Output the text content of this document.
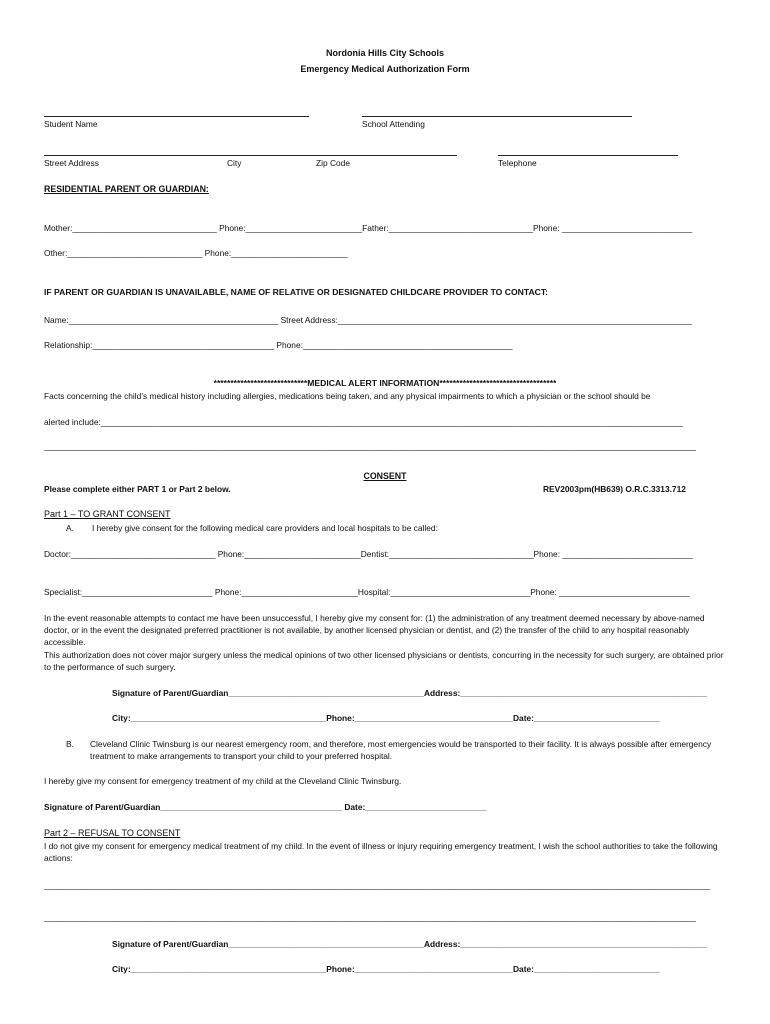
Nordonia Hills City Schools
Emergency Medical Authorization Form
Student Name	School Attending
Street Address	City	Zip Code	Telephone
RESIDENTIAL PARENT OR GUARDIAN:
Mother:_______________________________ Phone:_________________________Father:_______________________________Phone: ____________________________
Other:_____________________________ Phone:_________________________
IF PARENT OR GUARDIAN IS UNAVAILABLE, NAME OF RELATIVE OR DESIGNATED CHILDCARE PROVIDER TO CONTACT:
Name:_____________________________________________ Street Address:____________________________________________________________________________
Relationship:_______________________________________ Phone:_____________________________________________
****************************MEDICAL ALERT INFORMATION***********************************
Facts concerning the child’s medical history including allergies, medications being taken, and any physical impairments to which a physician or the school should be
alerted include:_____________________________________________________________________________________________________________________________
____________________________________________________________________________________________________________________________________________
CONSENT
Please complete either PART 1 or Part 2 below.	REV2003pm(HB639) O.R.C.3313.712
Part 1 – TO GRANT CONSENT
A. I hereby give consent for the following medical care providers and local hospitals to be called:
Doctor:_______________________________ Phone:_________________________Dentist:_______________________________Phone: ____________________________
Specialist:____________________________ Phone:_________________________Hospital:______________________________Phone: ____________________________
In the event reasonable attempts to contact me have been unsuccessful, I hereby give my consent for: (1) the administration of any treatment deemed necessary by above-named doctor, or in the event the designated preferred practitioner is not available, by another licensed physician or dentist, and (2) the transfer of the child to any hospital reasonably accessible.
This authorization does not cover major surgery unless the medical opinions of two other licensed physicians or dentists, concurring in the necessity for such surgery, are obtained prior to the performance of such surgery.
Signature of Parent/Guardian__________________________________________Address:_____________________________________________________
City:__________________________________________Phone:__________________________________Date:___________________________
B. Cleveland Clinic Twinsburg is our nearest emergency room, and therefore, most emergencies would be transported to their facility. It is always possible after emergency treatment to make arrangements to transport your child to your preferred hospital.
I hereby give my consent for emergency treatment of my child at the Cleveland Clinic Twinsburg.
Signature of Parent/Guardian_______________________________________ Date:__________________________
Part 2 – REFUSAL TO CONSENT
I do not give my consent for emergency medical treatment of my child. In the event of illness or injury requiring emergency treatment, I wish the school authorities to take the following actions:
_______________________________________________________________________________________________________________________________________________
____________________________________________________________________________________________________________________________________________
Signature of Parent/Guardian__________________________________________Address:_____________________________________________________
City:__________________________________________Phone:__________________________________Date:___________________________
